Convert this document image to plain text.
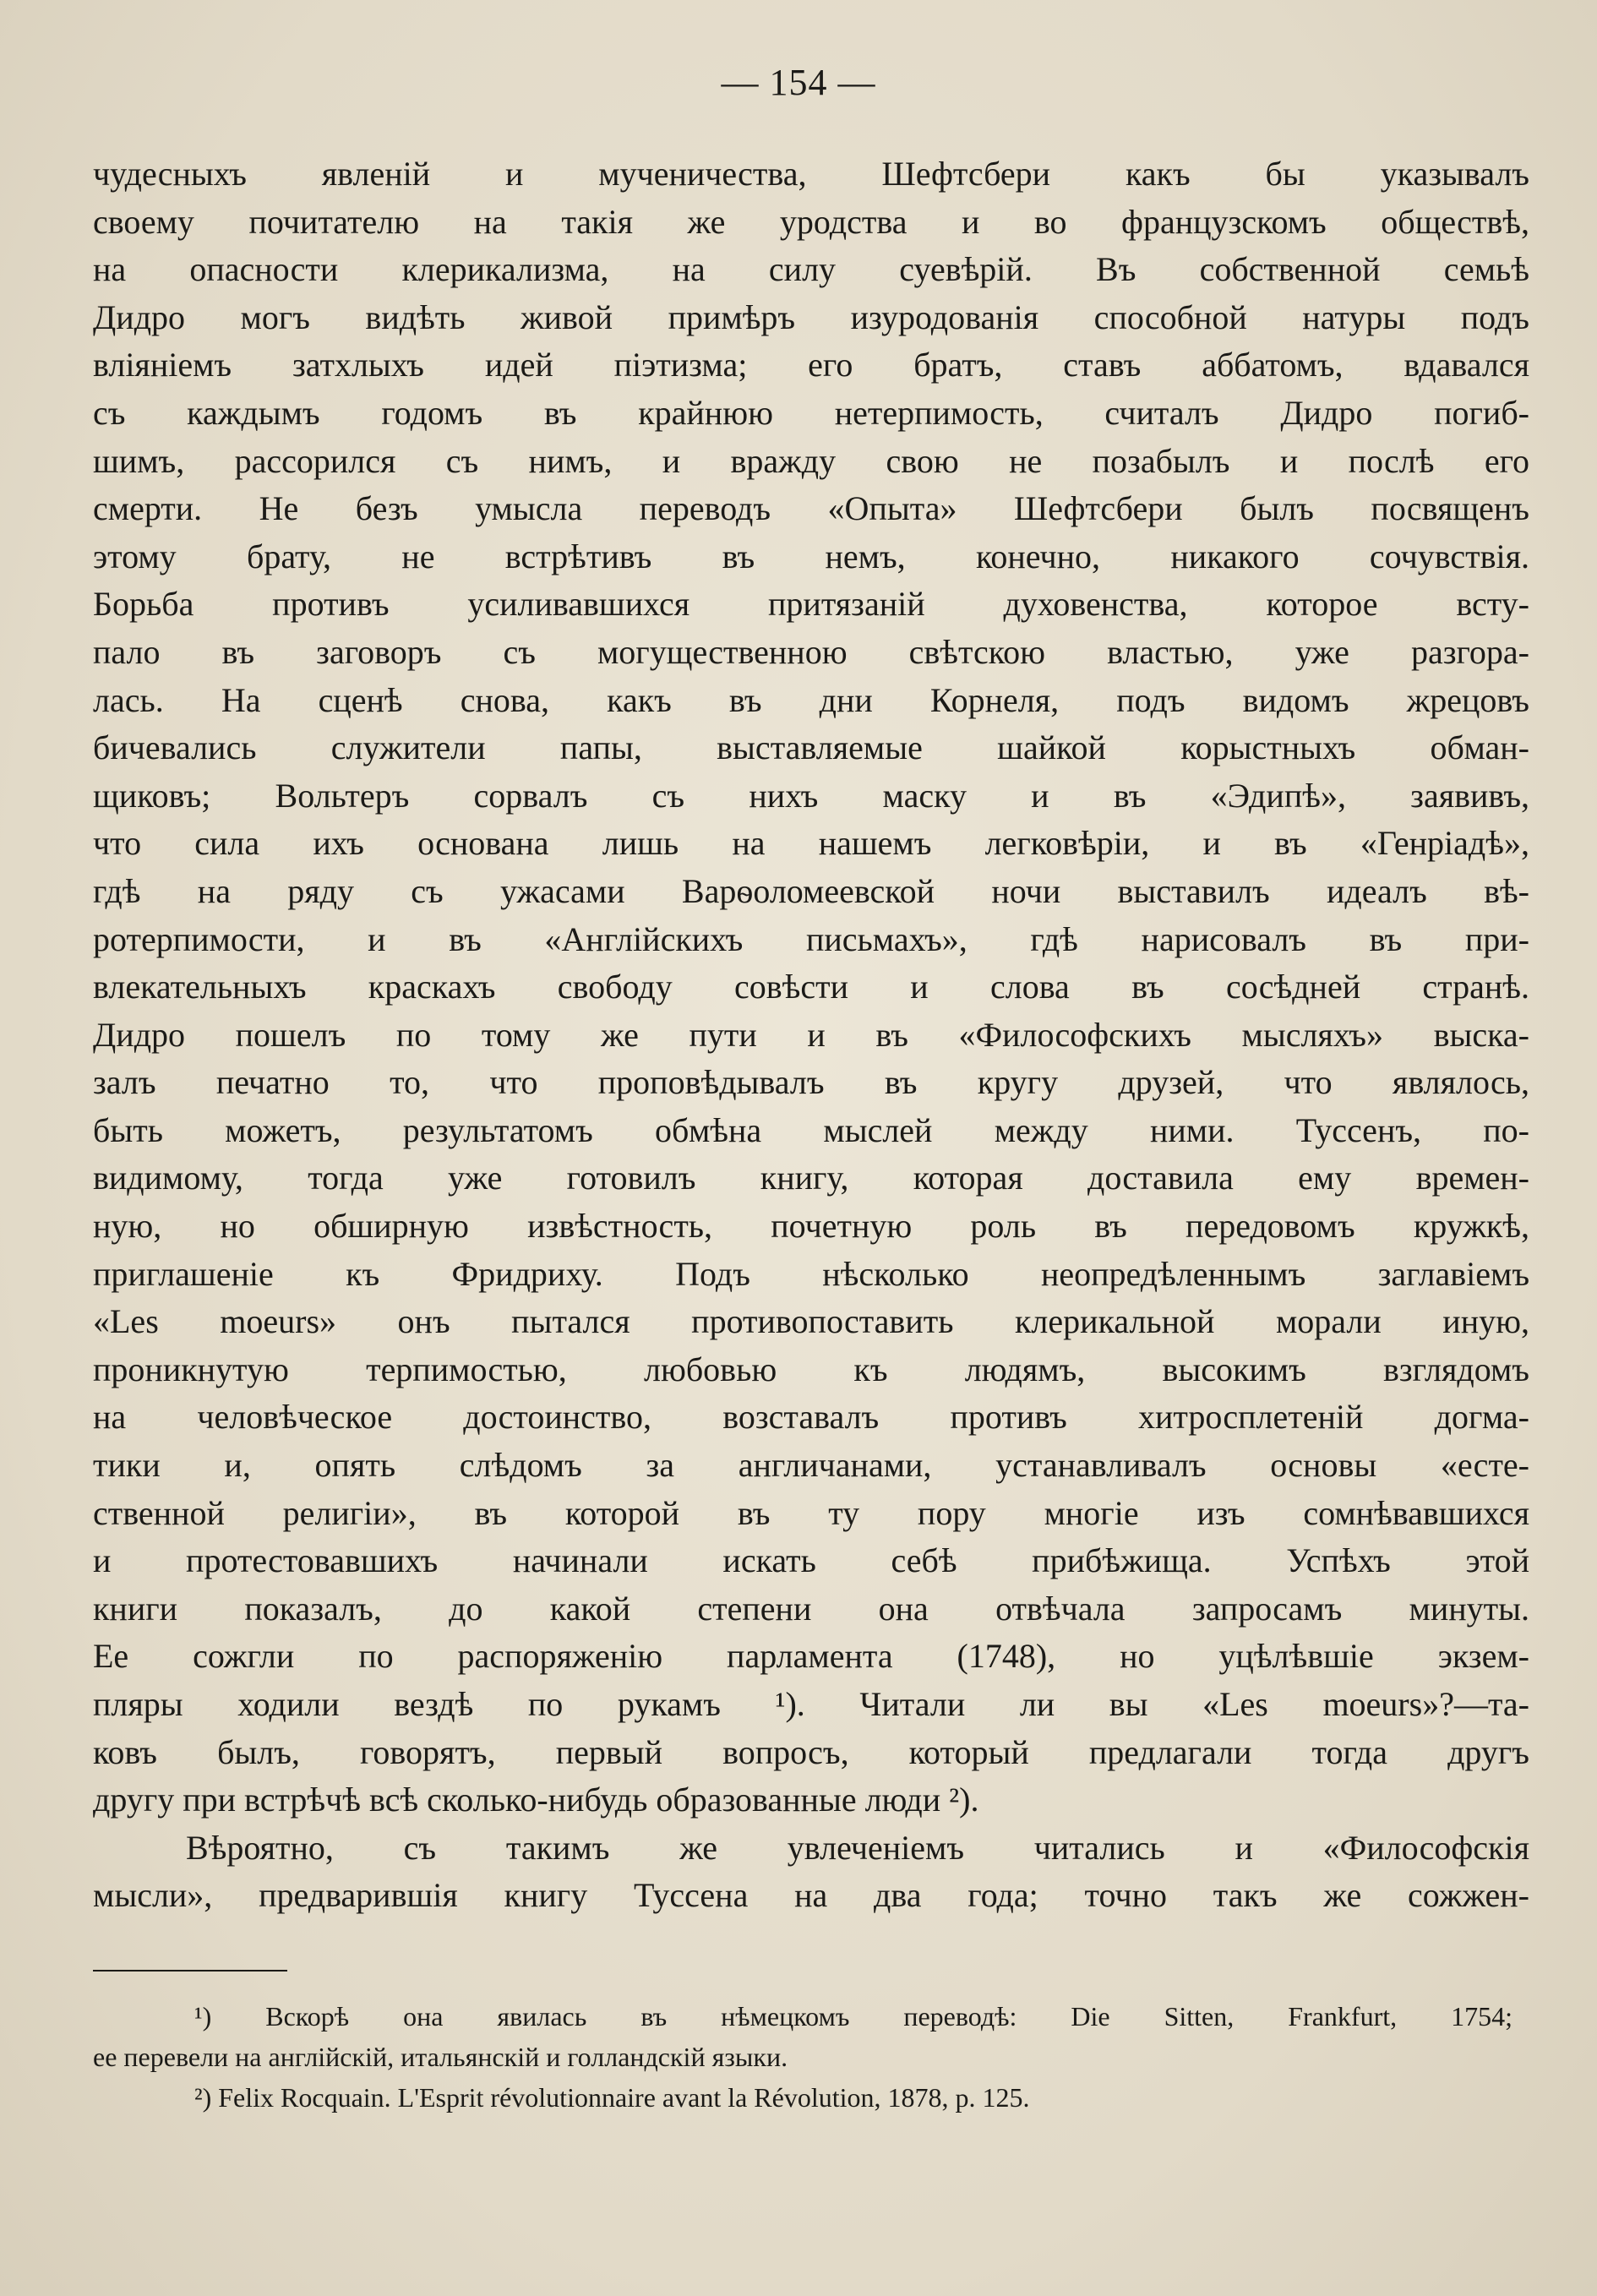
— 154 —
чудесныхъ явленій и мученичества, Шефтсбери какъ бы указывалъ
своему почитателю на такія же уродства и во французскомъ обществѣ,
на опасности клерикализма, на силу суевѣрій. Въ собственной семьѣ
Дидро могъ видѣть живой примѣръ изуродованія способной натуры подъ
вліяніемъ затхлыхъ идей піэтизма; его братъ, ставъ аббатомъ, вдавался
съ каждымъ годомъ въ крайнюю нетерпимость, считалъ Дидро погиб-
шимъ, рассорился съ нимъ, и вражду свою не позабылъ и послѣ его
смерти. Не безъ умысла переводъ «Опыта» Шефтсбери былъ посвященъ
этому брату, не встрѣтивъ въ немъ, конечно, никакого сочувствія.
Борьба противъ усиливавшихся притязаній духовенства, которое всту-
пало въ заговоръ съ могущественною свѣтскою властью, уже разгора-
лась. На сценѣ снова, какъ въ дни Корнеля, подъ видомъ жрецовъ
бичевались служители папы, выставляемые шайкой корыстныхъ обман-
щиковъ; Вольтеръ сорвалъ съ нихъ маску и въ «Эдипѣ», заявивъ,
что сила ихъ основана лишь на нашемъ легковѣріи, и въ «Генріадѣ»,
гдѣ на ряду съ ужасами Варѳоломеевской ночи выставилъ идеалъ вѣ-
ротерпимости, и въ «Англійскихъ письмахъ», гдѣ нарисовалъ въ при-
влекательныхъ краскахъ свободу совѣсти и слова въ сосѣдней странѣ.
Дидро пошелъ по тому же пути и въ «Философскихъ мысляхъ» выска-
залъ печатно то, что проповѣдывалъ въ кругу друзей, что являлось,
быть можетъ, результатомъ обмѣна мыслей между ними. Туссенъ, по-
видимому, тогда уже готовилъ книгу, которая доставила ему времен-
ную, но обширную извѣстность, почетную роль въ передовомъ кружкѣ,
приглашеніе къ Фридриху. Подъ нѣсколько неопредѣленнымъ заглавіемъ
«Les moeurs» онъ пытался противопоставить клерикальной морали иную,
проникнутую терпимостью, любовью къ людямъ, высокимъ взглядомъ
на человѣческое достоинство, возставалъ противъ хитросплетеній догма-
тики и, опять слѣдомъ за англичанами, устанавливалъ основы «есте-
ственной религіи», въ которой въ ту пору многіе изъ сомнѣвавшихся
и протестовавшихъ начинали искать себѣ прибѣжища. Успѣхъ этой
книги показалъ, до какой степени она отвѣчала запросамъ минуты.
Ее сожгли по распоряженію парламента (1748), но уцѣлѣвшіе экзем-
пляры ходили вездѣ по рукамъ ¹). Читали ли вы «Les moeurs»?—та-
ковъ былъ, говорятъ, первый вопросъ, который предлагали тогда другъ
другу при встрѣчѣ всѣ сколько-нибудь образованные люди ²).
Вѣроятно, съ такимъ же увлеченіемъ читались и «Философскія
мысли», предварившія книгу Туссена на два года; точно такъ же сожжен-
¹) Вскорѣ она явилась въ нѣмецкомъ переводѣ: Die Sitten, Frankfurt, 1754;
ее перевели на англійскій, итальянскій и голландскій языки.
²) Felix Rocquain. L'Esprit révolutionnaire avant la Révolution, 1878, p. 125.
